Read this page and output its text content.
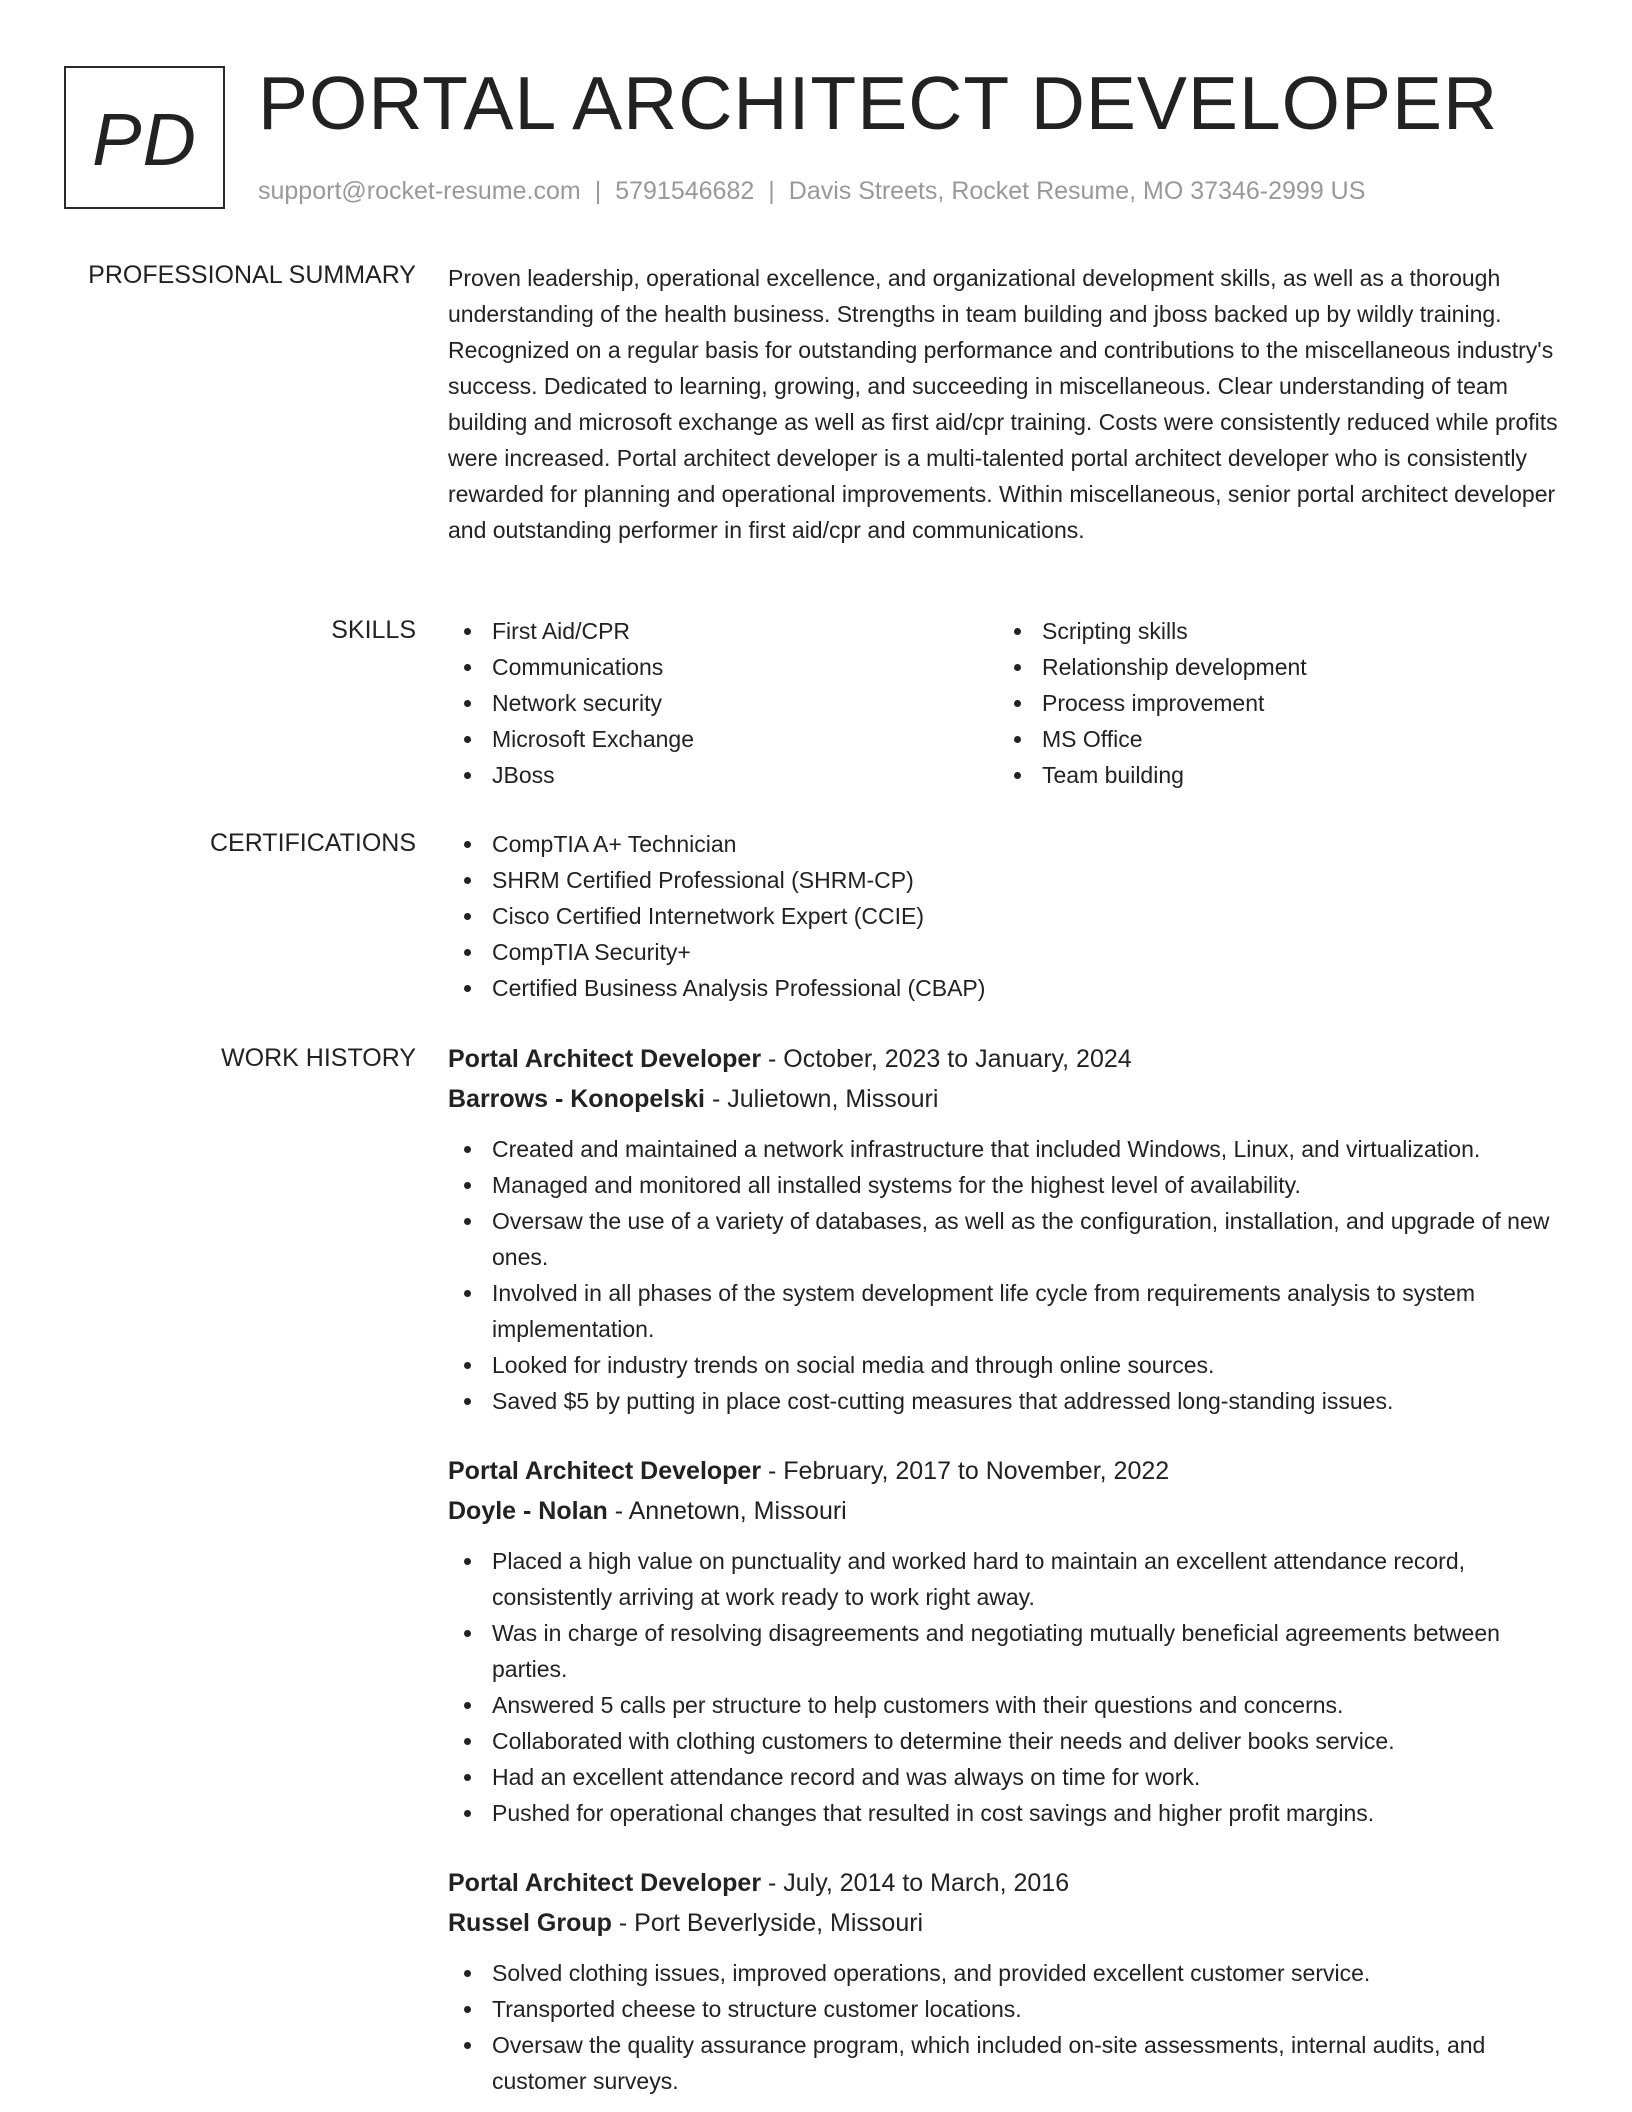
PD PORTAL ARCHITECT DEVELOPER
support@rocket-resume.com | 5791546682 | Davis Streets, Rocket Resume, MO 37346-2999 US
PROFESSIONAL SUMMARY Proven leadership, operational excellence, and organizational development skills, as well as a thorough understanding of the health business. Strengths in team building and jboss backed up by wildly training. Recognized on a regular basis for outstanding performance and contributions to the miscellaneous industry's success. Dedicated to learning, growing, and succeeding in miscellaneous. Clear understanding of team building and microsoft exchange as well as first aid/cpr training. Costs were consistently reduced while profits were increased. Portal architect developer is a multi-talented portal architect developer who is consistently rewarded for planning and operational improvements. Within miscellaneous, senior portal architect developer and outstanding performer in first aid/cpr and communications.
SKILLS	First Aid/CPR
Communications
Network security
Microsoft Exchange
JBoss
Scripting skills
Relationship development
Process improvement
MS Office
Team building
CERTIFICATIONS	CompTIA A+ Technician
SHRM Certified Professional (SHRM-CP)
Cisco Certified Internetwork Expert (CCIE)
CompTIA Security+
Certified Business Analysis Professional (CBAP)
WORK HISTORY Portal Architect Developer - October, 2023 to January, 2024
Barrows - Konopelski - Julietown, Missouri
Created and maintained a network infrastructure that included Windows, Linux, and virtualization.
Managed and monitored all installed systems for the highest level of availability.
Oversaw the use of a variety of databases, as well as the configuration, installation, and upgrade of new ones.
Involved in all phases of the system development life cycle from requirements analysis to system implementation.
Looked for industry trends on social media and through online sources.
Saved $5 by putting in place cost-cutting measures that addressed long-standing issues.
Portal Architect Developer - February, 2017 to November, 2022
Doyle - Nolan - Annetown, Missouri
Placed a high value on punctuality and worked hard to maintain an excellent attendance record, consistently arriving at work ready to work right away.
Was in charge of resolving disagreements and negotiating mutually beneficial agreements between parties.
Answered 5 calls per structure to help customers with their questions and concerns.
Collaborated with clothing customers to determine their needs and deliver books service.
Had an excellent attendance record and was always on time for work.
Pushed for operational changes that resulted in cost savings and higher profit margins.
Portal Architect Developer - July, 2014 to March, 2016
Russel Group - Port Beverlyside, Missouri
Solved clothing issues, improved operations, and provided excellent customer service.
Transported cheese to structure customer locations.
Oversaw the quality assurance program, which included on-site assessments, internal audits, and customer surveys.
